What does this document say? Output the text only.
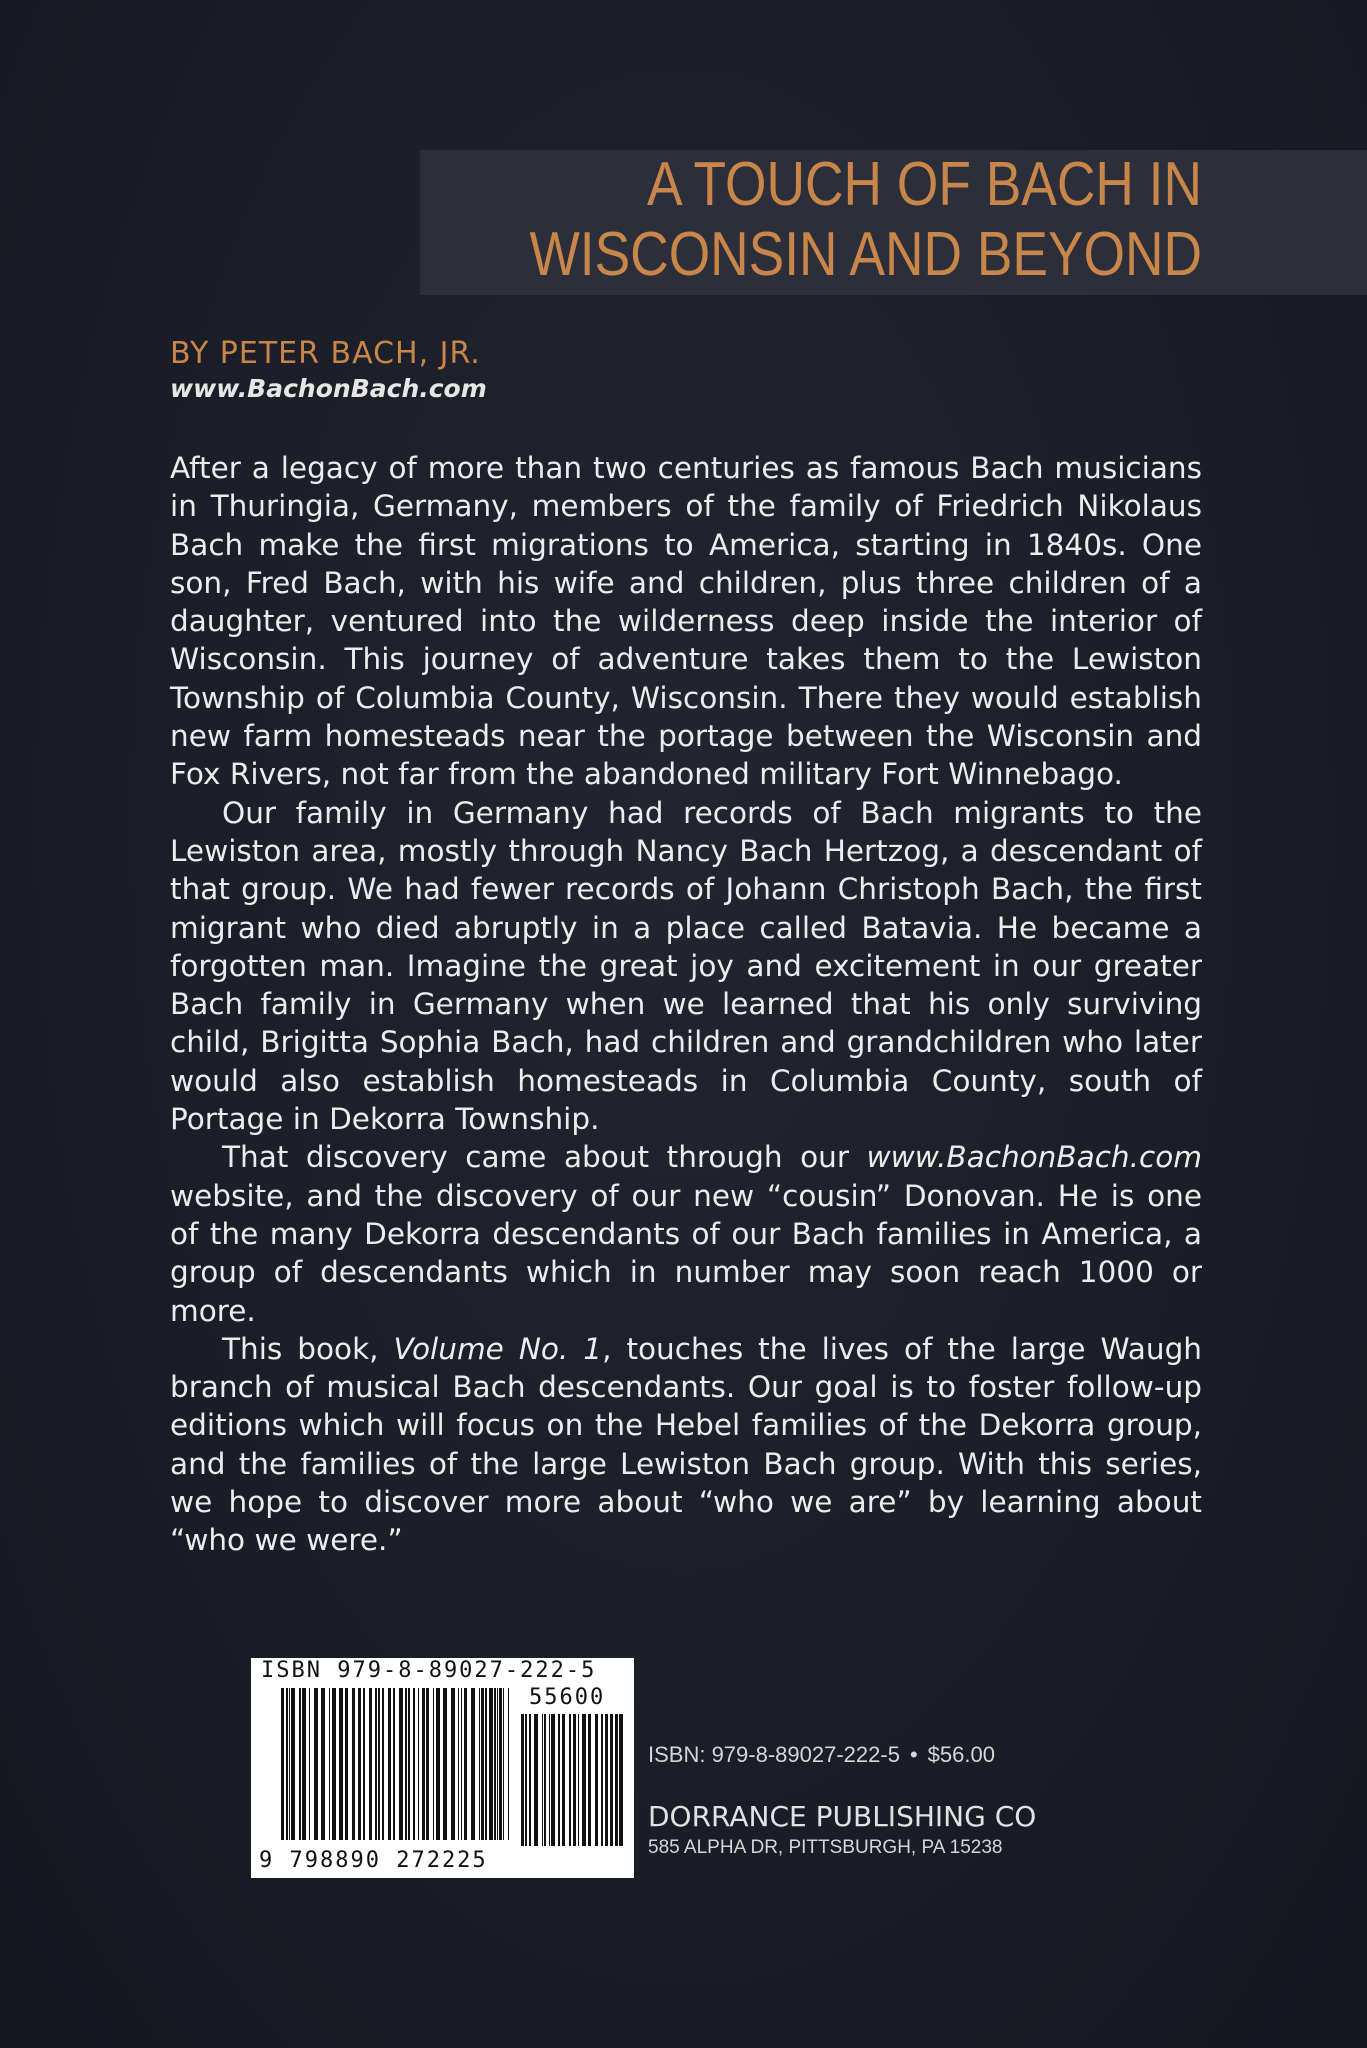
A TOUCH OF BACH IN
WISCONSIN AND BEYOND

BY PETER BACH, JR.

www.BachonBach.com

After a legacy of more than two centuries as famous Bach musicians in Thuringia, Germany, members of the family of Friedrich Nikolaus Bach make the first migrations to America, starting in 1840s. One son, Fred Bach, with his wife and children, plus three children of a daughter, ventured into the wilderness deep inside the interior of Wisconsin. This journey of adventure takes them to the Lewiston Township of Columbia County, Wisconsin. There they would establish new farm homesteads near the portage between the Wisconsin and Fox Rivers, not far from the abandoned military Fort Winnebago.

Our family in Germany had records of Bach migrants to the Lewiston area, mostly through Nancy Bach Hertzog, a descendant of that group. We had fewer records of Johann Christoph Bach, the first migrant who died abruptly in a place called Batavia. He became a forgotten man. Imagine the great joy and excitement in our greater Bach family in Germany when we learned that his only surviving child, Brigitta Sophia Bach, had children and grandchildren who later would also establish homesteads in Columbia County, south of Portage in Dekorra Township.

That discovery came about through our www.BachonBach.com website, and the discovery of our new “cousin” Donovan. He is one of the many Dekorra descendants of our Bach families in America, a group of descendants which in number may soon reach 1000 or more.

This book, Volume No. 1, touches the lives of the large Waugh branch of musical Bach descendants. Our goal is to foster follow-up editions which will focus on the Hebel families of the Dekorra group, and the families of the large Lewiston Bach group. With this series, we hope to discover more about “who we are” by learning about “who we were.”

ISBN 979-8-89027-222-5
55600
9 798890 272225
ISBN: 979-8-89027-222-5 • $56.00
DORRANCE PUBLISHING CO
585 ALPHA DR, PITTSBURGH, PA 15238
